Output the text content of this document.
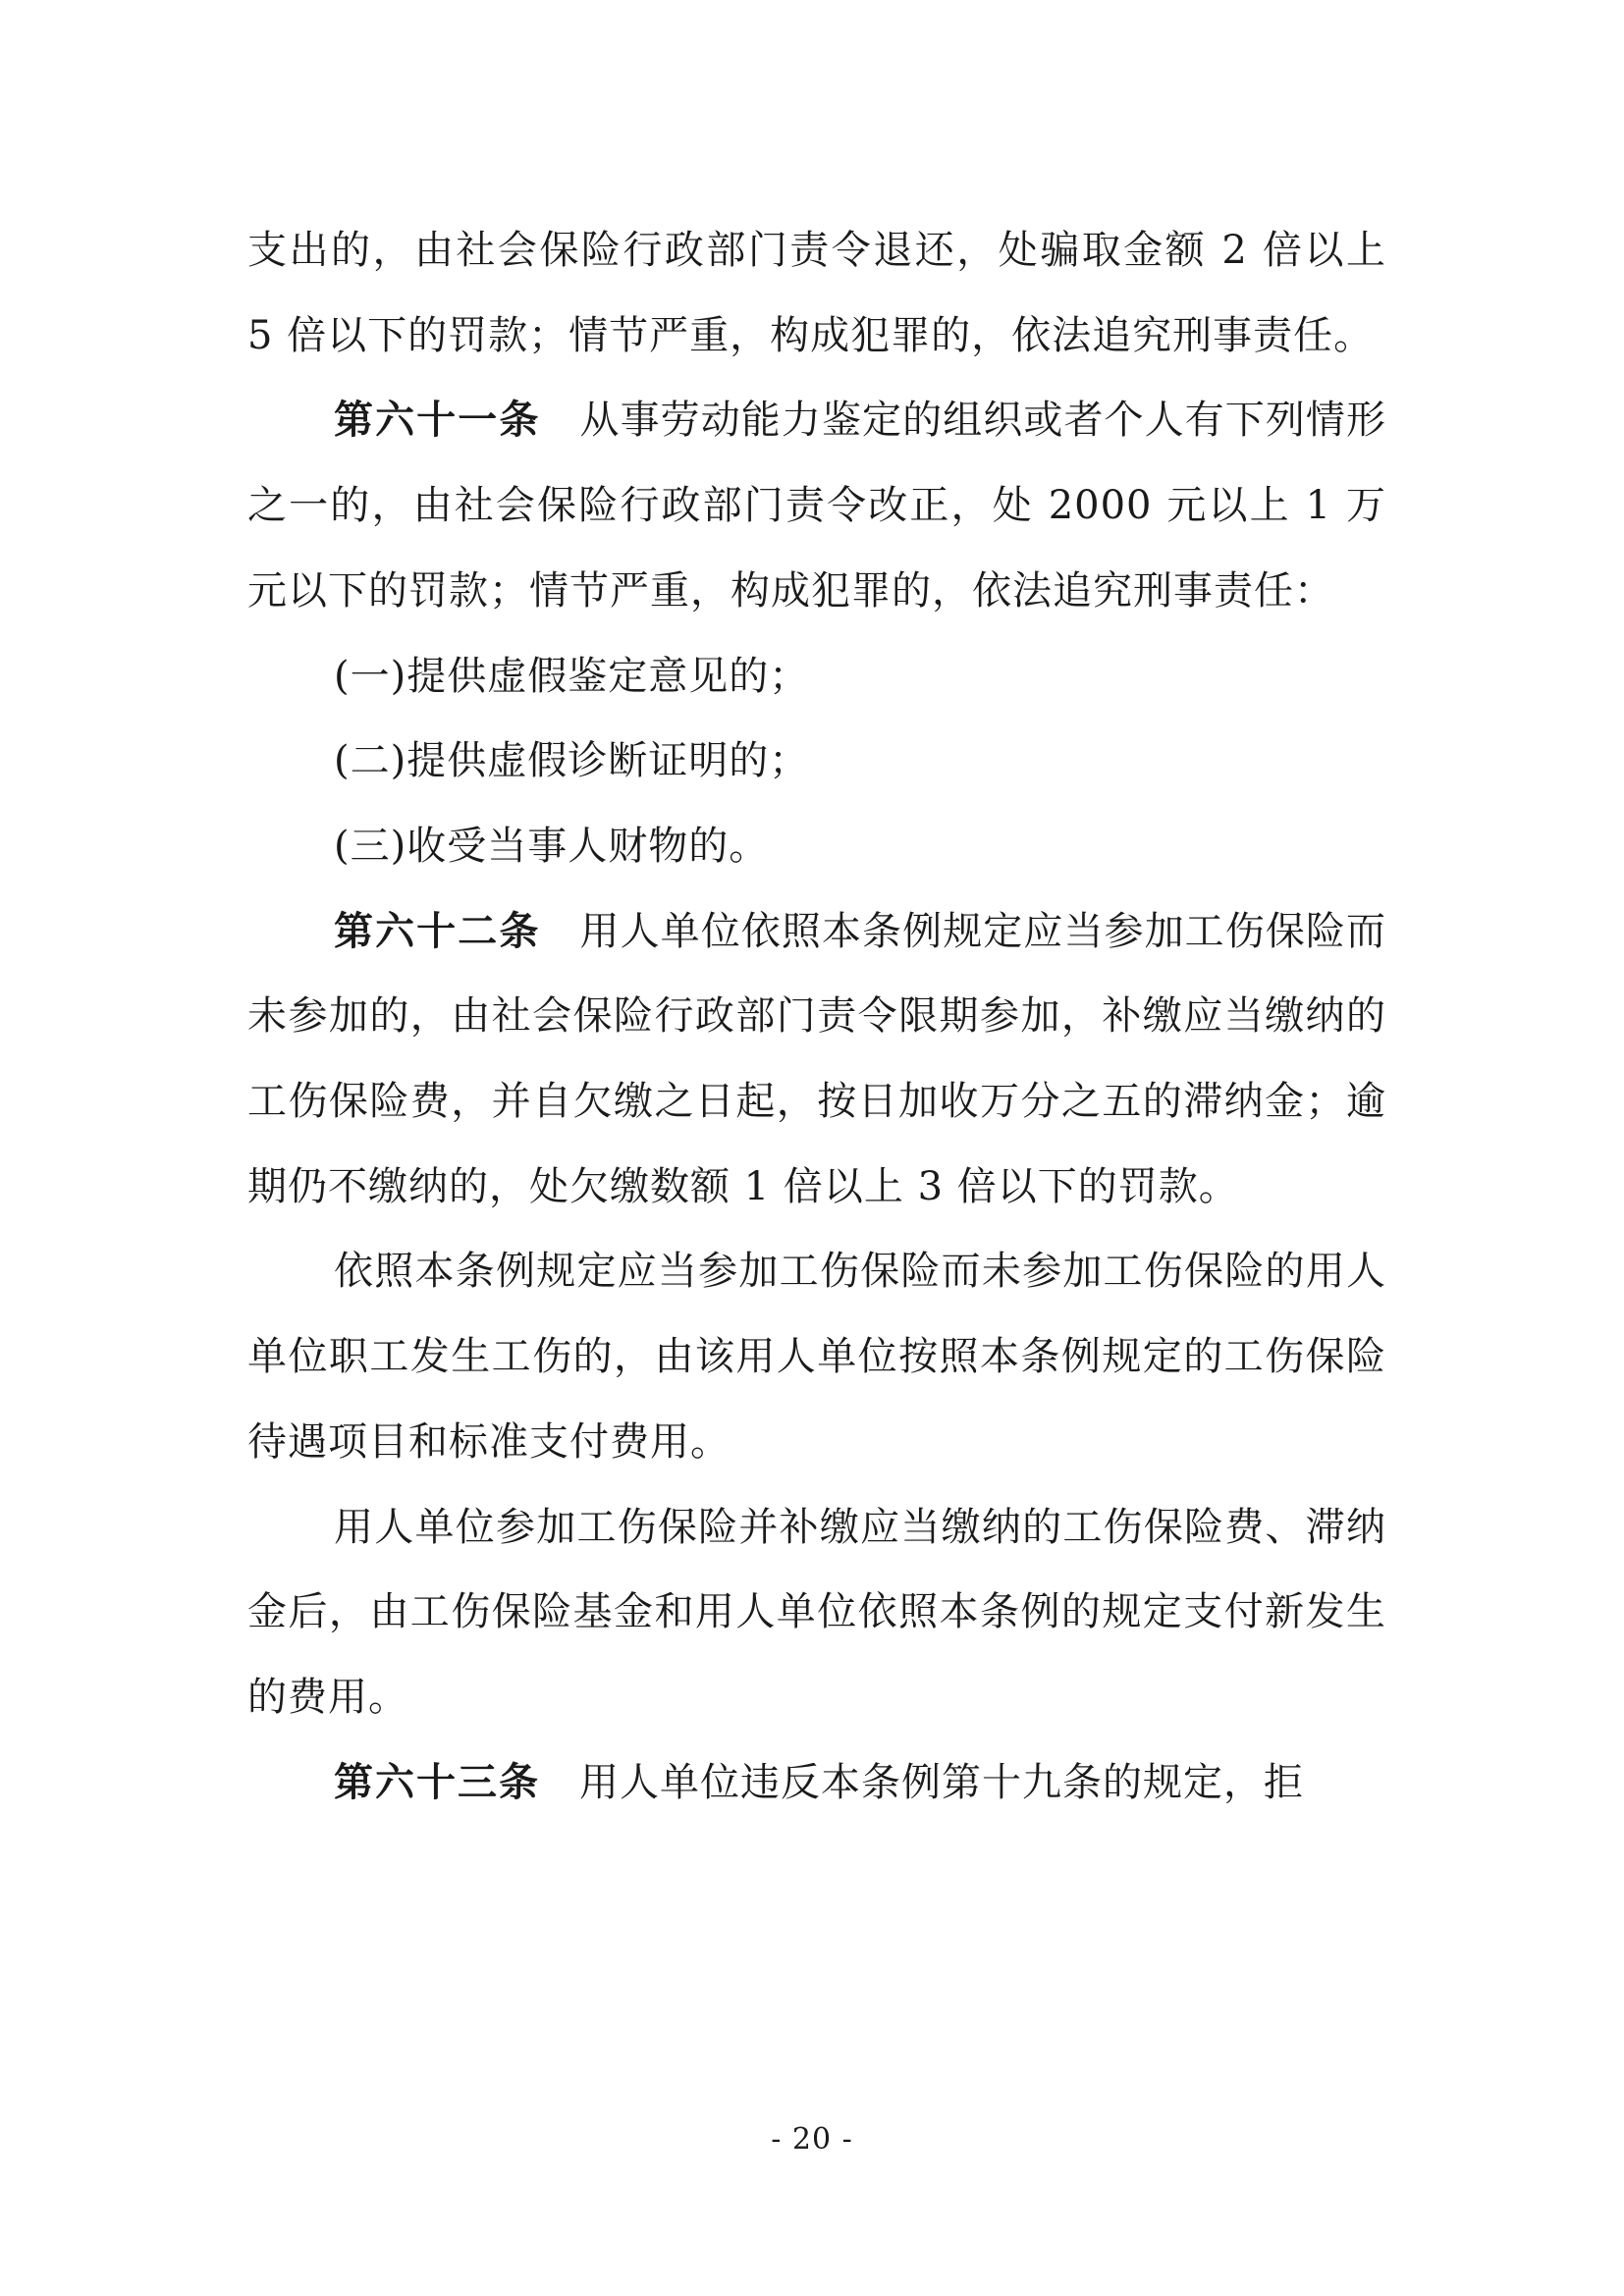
支出的，由社会保险行政部门责令退还，处骗取金额 2 倍以上 5 倍以下的罚款；情节严重，构成犯罪的，依法追究刑事责任。

第六十一条 从事劳动能力鉴定的组织或者个人有下列情形之一的，由社会保险行政部门责令改正，处 2000 元以上 1 万元以下的罚款；情节严重，构成犯罪的，依法追究刑事责任：

(一)提供虚假鉴定意见的；

(二)提供虚假诊断证明的；

(三)收受当事人财物的。

第六十二条 用人单位依照本条例规定应当参加工伤保险而未参加的，由社会保险行政部门责令限期参加，补缴应当缴纳的工伤保险费，并自欠缴之日起，按日加收万分之五的滞纳金；逾期仍不缴纳的，处欠缴数额 1 倍以上 3 倍以下的罚款。

依照本条例规定应当参加工伤保险而未参加工伤保险的用人单位职工发生工伤的，由该用人单位按照本条例规定的工伤保险待遇项目和标准支付费用。

用人单位参加工伤保险并补缴应当缴纳的工伤保险费、滞纳金后，由工伤保险基金和用人单位依照本条例的规定支付新发生的费用。

第六十三条 用人单位违反本条例第十九条的规定，拒

- 20 -
